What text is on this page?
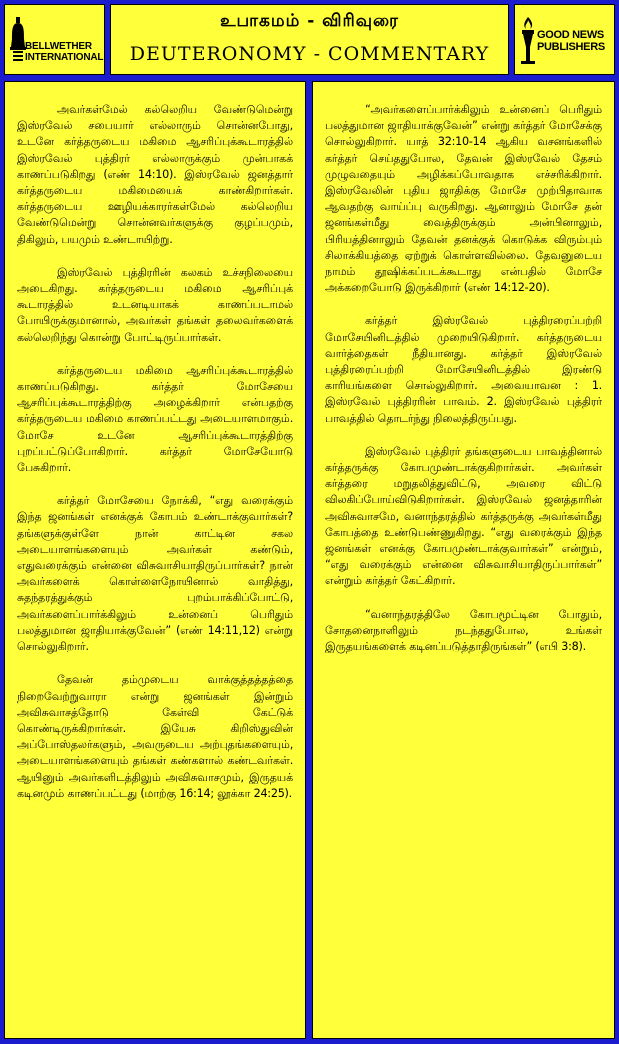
BELLWETHER
INTERNATIONAL
உபாகமம் - விரிவுரை
DEUTERONOMY - COMMENTARY
GOOD NEWS
PUBLISHERS

அவர்கள்மேல் கல்லெறிய வேண்டுமென்று இஸ்ரவேல் சபையார் எல்லாரும் சொன்னபோது, உடனே கர்த்தருடைய மகிமை ஆசரிப்புக்கூடாரத்தில் இஸ்ரவேல் புத்திரர் எல்லாருக்கும் முன்பாகக் காணப்படுகிறது (எண் 14:10). இஸ்ரவேல் ஜனத்தார் கர்த்தருடைய மகிமையைக் காண்கிறார்கள். கர்த்தருடைய ஊழியக்காரர்கள்மேல் கல்லெறிய வேண்டுமென்று சொன்னவர்களுக்கு குழப்பமும், திகிலும், பயமும் உண்டாயிற்று.

இஸ்ரவேல் புத்திரரின் கலகம் உச்சநிலையை அடைகிறது. கர்த்தருடைய மகிமை ஆசரிப்புக் கூடாரத்தில் உடனடியாகக் காணப்படாமல் போயிருக்குமானால், அவர்கள் தங்கள் தலைவர்களைக் கல்லெறிந்து கொன்று போட்டிருப்பார்கள்.

கர்த்தருடைய மகிமை ஆசரிப்புக்கூடாரத்தில் காணப்படுகிறது. கர்த்தர் மோசேயை ஆசரிப்புக்கூடாரத்திற்கு அழைக்கிறார் என்பதற்கு கர்த்தருடைய மகிமை காணப்பட்டது அடையாளமாகும். மோசே உடனே ஆசரிப்புக்கூடாரத்திற்கு புறப்பட்டுப்போகிறார். கர்த்தர் மோசேயோடு பேசுகிறார்.

கர்த்தர் மோசேயை நோக்கி, “எது வரைக்கும் இந்த ஜனங்கள் எனக்குக் கோபம் உண்டாக்குவார்கள்? தங்களுக்குள்ளே நான் காட்டின சகல அடையாளங்களையும் அவர்கள் கண்டும், எதுவரைக்கும் என்னை விசுவாசியாதிருப்பார்கள்? நான் அவர்களைக் கொள்ளைநோயினால் வாதித்து, சுதந்தரத்துக்கும் புறம்பாக்கிப்போட்டு, அவர்களைப்பார்க்கிலும் உன்னைப் பெரிதும் பலத்துமான ஜாதியாக்குவேன்” (எண் 14:11,12) என்று சொல்லுகிறார்.

தேவன் தம்முடைய வாக்குத்தத்தத்தை நிறைவேற்றுவாரா என்று ஜனங்கள் இன்றும் அவிசுவாசத்தோடு கேள்வி கேட்டுக் கொண்டிருக்கிறார்கள். இயேசு கிறிஸ்துவின் அப்போஸ்தலர்களும், அவருடைய அற்புதங்களையும், அடையாளங்களையும் தங்கள் கண்களால் கண்டவர்கள். ஆயினும் அவர்களிடத்திலும் அவிசுவாசமும், இருதயக் கடினமும் காணப்பட்டது (மாற்கு 16:14; லூக்கா 24:25).

“அவர்களைப்பார்க்கிலும் உன்னைப் பெரிதும் பலத்துமான ஜாதியாக்குவேன்” என்று கர்த்தர் மோசேக்கு சொல்லுகிறார். யாத் 32:10-14 ஆகிய வசனங்களில் கர்த்தர் செய்ததுபோல, தேவன் இஸ்ரவேல் தேசம் முழுவதையும் அழிக்கப்போவதாக எச்சரிக்கிறார். இஸ்ரவேலின் புதிய ஜாதிக்கு மோசே முற்பிதாவாக ஆவதற்கு வாய்ப்பு வருகிறது. ஆனாலும் மோசே தன் ஜனங்கள்மீது வைத்திருக்கும் அன்பினாலும், பிரியத்தினாலும் தேவன் தனக்குக் கொடுக்க விரும்பும் சிலாக்கியத்தை ஏற்றுக் கொள்ளவில்லை. தேவனுடைய நாமம் தூஷிக்கப்படக்கூடாது என்பதில் மோசே அக்கறையோடு இருக்கிறார் (எண் 14:12-20).

கர்த்தர் இஸ்ரவேல் புத்திரரைப்பற்றி மோசேயினிடத்தில் முறையிடுகிறார். கர்த்தருடைய வார்த்தைகள் நீதியானது. கர்த்தர் இஸ்ரவேல் புத்திரரைப்பற்றி மோசேயினிடத்தில் இரண்டு காரியங்களை சொல்லுகிறார். அவையாவன : 1. இஸ்ரவேல் புத்திரரின் பாவம். 2. இஸ்ரவேல் புத்திரர் பாவத்தில் தொடர்ந்து நிலைத்திருப்பது.

இஸ்ரவேல் புத்திரர் தங்களுடைய பாவத்தினால் கர்த்தருக்கு கோபமுண்டாக்குகிறார்கள். அவர்கள் கர்த்தரை மறுதலித்துவிட்டு, அவரை விட்டு விலகிப்போய்விடுகிறார்கள். இஸ்ரவேல் ஜனத்தாரின் அவிசுவாசமே, வனாந்தரத்தில் கர்த்தருக்கு அவர்கள்மீது கோபத்தை உண்டுபண்ணுகிறது. “எது வரைக்கும் இந்த ஜனங்கள் எனக்கு கோபமுண்டாக்குவார்கள்” என்றும், “எது வரைக்கும் என்னை விசுவாசியாதிருப்பார்கள்” என்றும் கர்த்தர் கேட்கிறார்.

“வனாந்தரத்திலே கோபமூட்டின போதும், சோதனைநாளிலும் நடந்ததுபோல, உங்கள் இருதயங்களைக் கடினப்படுத்தாதிருங்கள்” (எபி 3:8).
